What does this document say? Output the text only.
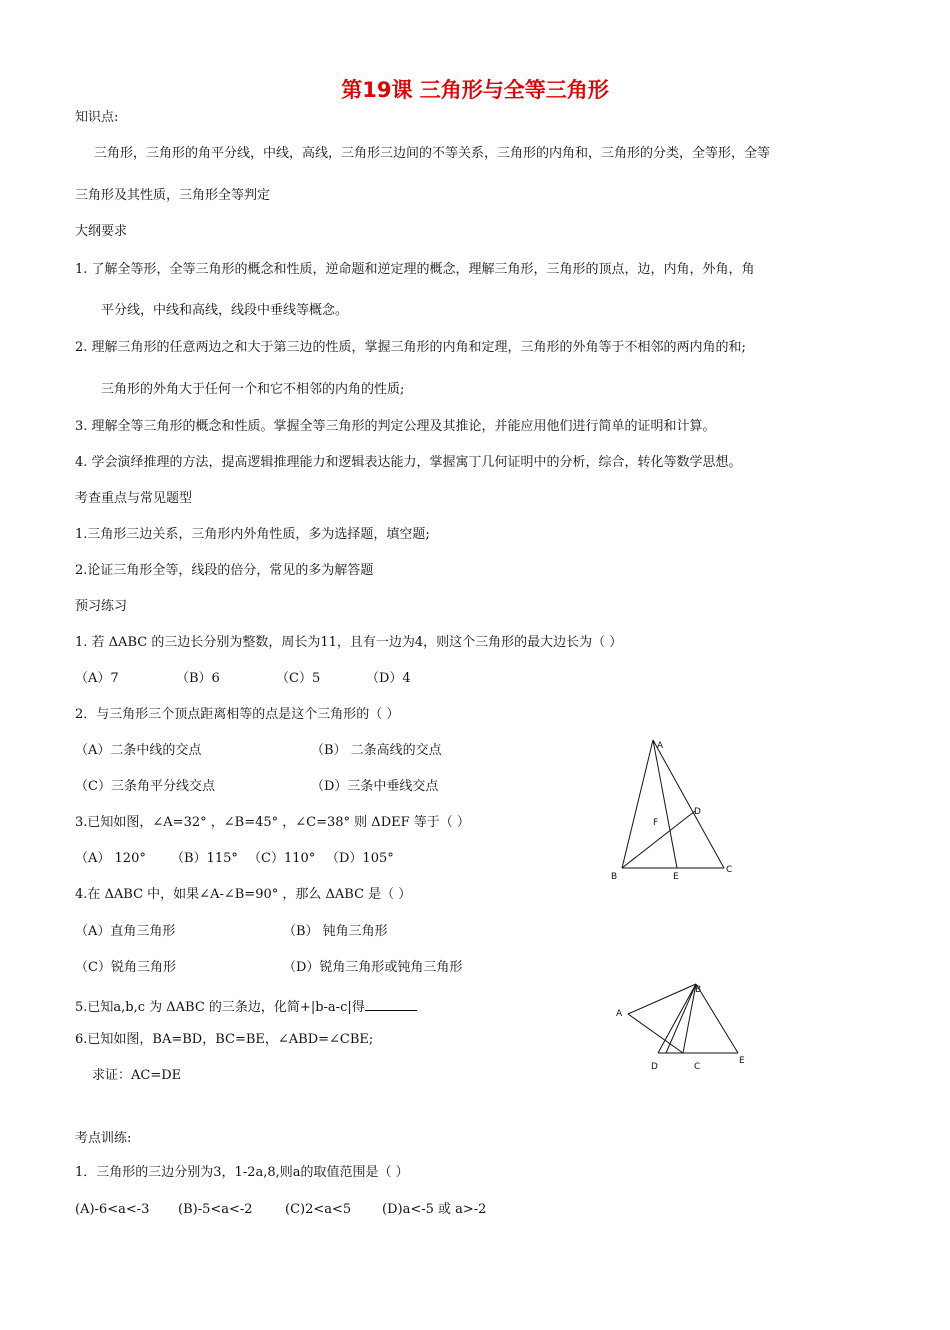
第19课 三角形与全等三角形
知识点:
三角形，三角形的角平分线，中线，高线，三角形三边间的不等关系，三角形的内角和，三角形的分类，全等形，全等
三角形及其性质，三角形全等判定
大纲要求
1. 了解全等形，全等三角形的概念和性质，逆命题和逆定理的概念，理解三角形，三角形的顶点，边，内角，外角，角
平分线，中线和高线，线段中垂线等概念。
2. 理解三角形的任意两边之和大于第三边的性质，掌握三角形的内角和定理，三角形的外角等于不相邻的两内角的和;
三角形的外角大于任何一个和它不相邻的内角的性质;
3. 理解全等三角形的概念和性质。掌握全等三角形的判定公理及其推论，并能应用他们进行简单的证明和计算。
4. 学会演绎推理的方法，提高逻辑推理能力和逻辑表达能力，掌握寓丁几何证明中的分析，综合，转化等数学思想。
考查重点与常见题型
1.三角形三边关系，三角形内外角性质，多为选择题，填空题;
2.论证三角形全等，线段的倍分，常见的多为解答题
预习练习
1. 若 ΔABC 的三边长分别为整数，周长为11，且有一边为4，则这个三角形的最大边长为（ ）
（A）7	（B）6	（C）5	（D）4
2．与三角形三个顶点距离相等的点是这个三角形的（ ）
（A）二条中线的交点	（B） 二条高线的交点
（C）三条角平分线交点	（D）三条中垂线交点
3.已知如图，∠A=32° ，∠B=45° ，∠C=38° 则 ΔDEF 等于（ ）
（A） 120° （B）115° （C）110° （D）105°
4.在 ΔABC 中，如果∠A-∠B=90° ，那么 ΔABC 是（ ）
（A）直角三角形	（B） 钝角三角形
（C）锐角三角形	（D）锐角三角形或钝角三角形
5.已知a,b,c 为 ΔABC 的三条边，化简+|b-a-c|得
6.已知如图，BA=BD，BC=BE，∠ABD=∠CBE;
求证：AC=DE
考点训练:
1．三角形的三边分别为3，1-2a,8,则a的取值范围是（ ）
(A)-6<a<-3 (B)-5<a<-2 (C)2<a<5 (D)a<-5 或 a>-2
A
B
C
D
E
F
A
B
C
D
E
